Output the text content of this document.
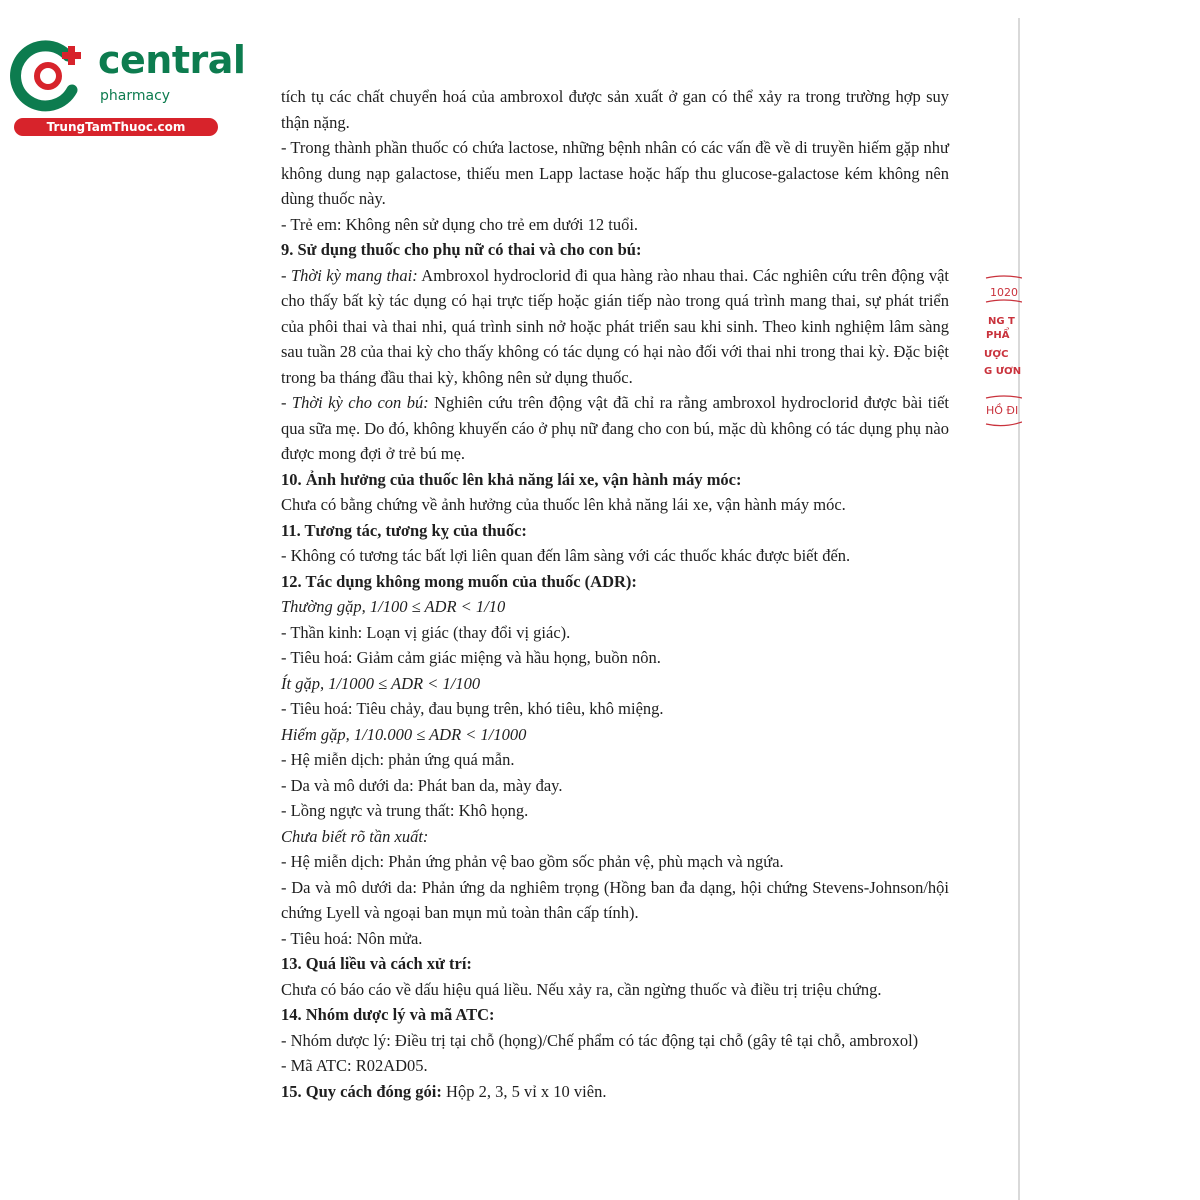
central
pharmacy
TrungTamThuoc.com
1020
NG T
PHẨ
ƯỢC
G ƯƠN
HỒ ĐI

tích tụ các chất chuyển hoá của ambroxol được sản xuất ở gan có thể xảy ra trong trường hợp suy thận nặng.

- Trong thành phần thuốc có chứa lactose, những bệnh nhân có các vấn đề về di truyền hiếm gặp như không dung nạp galactose, thiếu men Lapp lactase hoặc hấp thu glucose-galactose kém không nên dùng thuốc này.

- Trẻ em: Không nên sử dụng cho trẻ em dưới 12 tuổi.

9. Sử dụng thuốc cho phụ nữ có thai và cho con bú:

- Thời kỳ mang thai: Ambroxol hydroclorid đi qua hàng rào nhau thai. Các nghiên cứu trên động vật cho thấy bất kỳ tác dụng có hại trực tiếp hoặc gián tiếp nào trong quá trình mang thai, sự phát triển của phôi thai và thai nhi, quá trình sinh nở hoặc phát triển sau khi sinh. Theo kinh nghiệm lâm sàng sau tuần 28 của thai kỳ cho thấy không có tác dụng có hại nào đối với thai nhi trong thai kỳ. Đặc biệt trong ba tháng đầu thai kỳ, không nên sử dụng thuốc.

- Thời kỳ cho con bú: Nghiên cứu trên động vật đã chỉ ra rằng ambroxol hydroclorid được bài tiết qua sữa mẹ. Do đó, không khuyến cáo ở phụ nữ đang cho con bú, mặc dù không có tác dụng phụ nào được mong đợi ở trẻ bú mẹ.

10. Ảnh hưởng của thuốc lên khả năng lái xe, vận hành máy móc:

Chưa có bằng chứng về ảnh hưởng của thuốc lên khả năng lái xe, vận hành máy móc.

11. Tương tác, tương kỵ của thuốc:

- Không có tương tác bất lợi liên quan đến lâm sàng với các thuốc khác được biết đến.

12. Tác dụng không mong muốn của thuốc (ADR):

Thường gặp, 1/100 ≤ ADR < 1/10

- Thần kinh: Loạn vị giác (thay đổi vị giác).

- Tiêu hoá: Giảm cảm giác miệng và hầu họng, buồn nôn.

Ít gặp, 1/1000 ≤ ADR < 1/100

- Tiêu hoá: Tiêu chảy, đau bụng trên, khó tiêu, khô miệng.

Hiếm gặp, 1/10.000 ≤ ADR < 1/1000

- Hệ miễn dịch: phản ứng quá mẫn.

- Da và mô dưới da: Phát ban da, mày đay.

- Lồng ngực và trung thất: Khô họng.

Chưa biết rõ tần xuất:

- Hệ miễn dịch: Phản ứng phản vệ bao gồm sốc phản vệ, phù mạch và ngứa.

- Da và mô dưới da: Phản ứng da nghiêm trọng (Hồng ban đa dạng, hội chứng Stevens-Johnson/hội chứng Lyell và ngoại ban mụn mủ toàn thân cấp tính).

- Tiêu hoá: Nôn mửa.

13. Quá liều và cách xử trí:

Chưa có báo cáo về dấu hiệu quá liều. Nếu xảy ra, cần ngừng thuốc và điều trị triệu chứng.

14. Nhóm dược lý và mã ATC:

- Nhóm dược lý: Điều trị tại chỗ (họng)/Chế phẩm có tác động tại chỗ (gây tê tại chỗ, ambroxol)

- Mã ATC: R02AD05.

15. Quy cách đóng gói: Hộp 2, 3, 5 vỉ x 10 viên.
